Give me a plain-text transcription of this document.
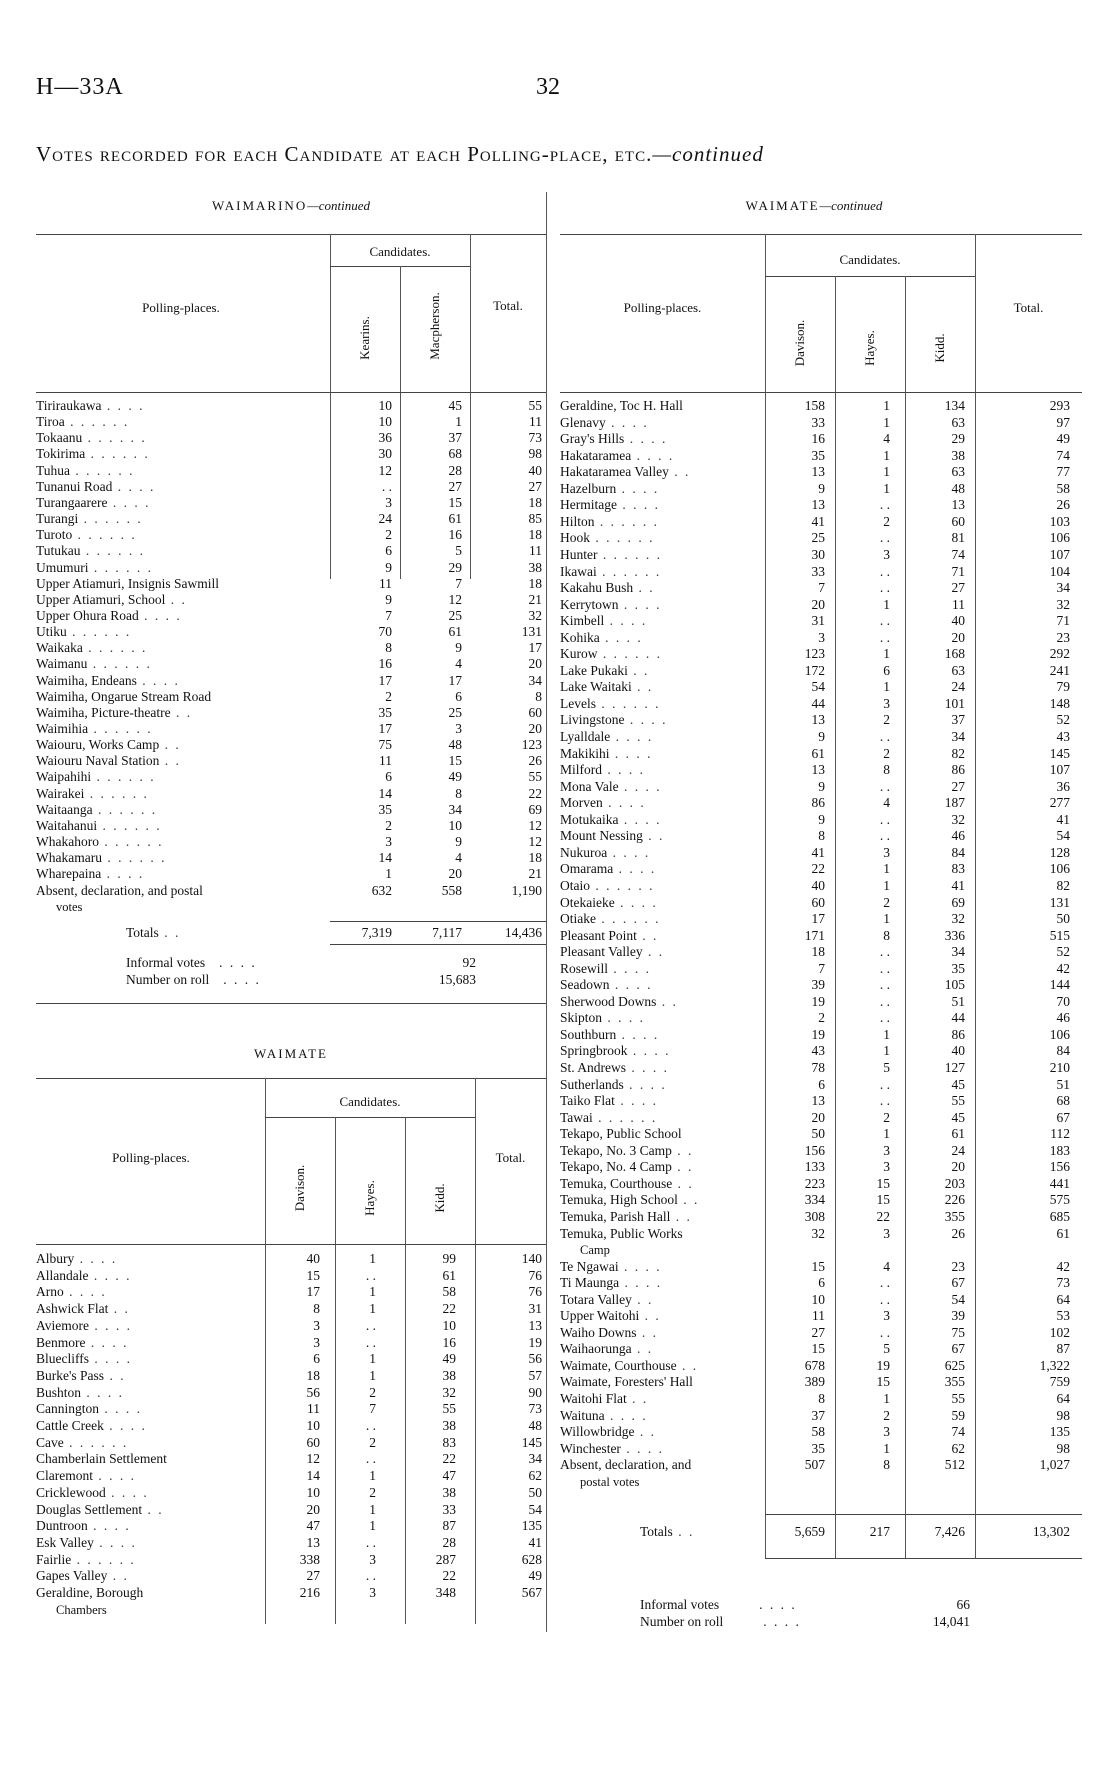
H—33A	32
Votes recorded for each Candidate at each Polling-place, etc.—continued
WAIMARINO—continued
Polling-places.
Candidates.
Kearins.	Macpherson.	Total.
Tiriraukawa . . . .	10	45	55
Tiroa . . . . . .	10	1	11
Tokaanu . . . . . .	36	37	73
Tokirima . . . . . .	30	68	98
Tuhua . . . . . .	12	28	40
Tunanui Road . . . .	. .	27	27
Turangaarere . . . .	3	15	18
Turangi . . . . . .	24	61	85
Turoto . . . . . .	2	16	18
Tutukau . . . . . .	6	5	11
Umumuri . . . . . .	9	29	38
Upper Atiamuri, Insignis Sawmill	11	7	18
Upper Atiamuri, School . .	9	12	21
Upper Ohura Road . . . .	7	25	32
Utiku . . . . . .	70	61	131
Waikaka . . . . . .	8	9	17
Waimanu . . . . . .	16	4	20
Waimiha, Endeans . . . .	17	17	34
Waimiha, Ongarue Stream Road	2	6	8
Waimiha, Picture-theatre . .	35	25	60
Waimihia . . . . . .	17	3	20
Waiouru, Works Camp . .	75	48	123
Waiouru Naval Station . .	11	15	26
Waipahihi . . . . . .	6	49	55
Wairakei . . . . . .	14	8	22
Waitaanga . . . . . .	35	34	69
Waitahanui . . . . . .	2	10	12
Whakahoro . . . . . .	3	9	12
Whakamaru . . . . . .	14	4	18
Wharepaina . . . .	1	20	21
Absent, declaration, and postal	632	558	1,190
votes
Totals . .	7,319	7,117	14,436
Informal votes . . . .	92
Number on roll . . . .	15,683
WAIMATE
Polling-places.
Candidates.
Davison.	Hayes.	Kidd.
Total.
Albury . . . .	40	1	99	140
Allandale . . . .	15	. .	61	76
Arno . . . .	17	1	58	76
Ashwick Flat . .	8	1	22	31
Aviemore . . . .	3	. .	10	13
Benmore . . . .	3	. .	16	19
Bluecliffs . . . .	6	1	49	56
Burke's Pass . .	18	1	38	57
Bushton . . . .	56	2	32	90
Cannington . . . .	11	7	55	73
Cattle Creek . . . .	10	. .	38	48
Cave . . . . . .	60	2	83	145
Chamberlain Settlement	12	. .	22	34
Claremont . . . .	14	1	47	62
Cricklewood . . . .	10	2	38	50
Douglas Settlement . .	20	1	33	54
Duntroon . . . .	47	1	87	135
Esk Valley . . . .	13	. .	28	41
Fairlie . . . . . .	338	3	287	628
Gapes Valley . .	27	. .	22	49
Geraldine, Borough	216	3	348	567
Chambers
WAIMATE—continued
Polling-places.
Candidates.
Davison.	Hayes.	Kidd.
Total.
Geraldine, Toc H. Hall	158	1	134	293
Glenavy . . . .	33	1	63	97
Gray's Hills . . . .	16	4	29	49
Hakataramea . . . .	35	1	38	74
Hakataramea Valley . .	13	1	63	77
Hazelburn . . . .	9	1	48	58
Hermitage . . . .	13	. .	13	26
Hilton . . . . . .	41	2	60	103
Hook . . . . . .	25	. .	81	106
Hunter . . . . . .	30	3	74	107
Ikawai . . . . . .	33	. .	71	104
Kakahu Bush . .	7	. .	27	34
Kerrytown . . . .	20	1	11	32
Kimbell . . . .	31	. .	40	71
Kohika . . . .	3	. .	20	23
Kurow . . . . . .	123	1	168	292
Lake Pukaki . .	172	6	63	241
Lake Waitaki . .	54	1	24	79
Levels . . . . . .	44	3	101	148
Livingstone . . . .	13	2	37	52
Lyalldale . . . .	9	. .	34	43
Makikihi . . . .	61	2	82	145
Milford . . . .	13	8	86	107
Mona Vale . . . .	9	. .	27	36
Morven . . . .	86	4	187	277
Motukaika . . . .	9	. .	32	41
Mount Nessing . .	8	. .	46	54
Nukuroa . . . .	41	3	84	128
Omarama . . . .	22	1	83	106
Otaio . . . . . .	40	1	41	82
Otekaieke . . . .	60	2	69	131
Otiake . . . . . .	17	1	32	50
Pleasant Point . .	171	8	336	515
Pleasant Valley . .	18	. .	34	52
Rosewill . . . .	7	. .	35	42
Seadown . . . .	39	. .	105	144
Sherwood Downs . .	19	. .	51	70
Skipton . . . .	2	. .	44	46
Southburn . . . .	19	1	86	106
Springbrook . . . .	43	1	40	84
St. Andrews . . . .	78	5	127	210
Sutherlands . . . .	6	. .	45	51
Taiko Flat . . . .	13	. .	55	68
Tawai . . . . . .	20	2	45	67
Tekapo, Public School	50	1	61	112
Tekapo, No. 3 Camp . .	156	3	24	183
Tekapo, No. 4 Camp . .	133	3	20	156
Temuka, Courthouse . .	223	15	203	441
Temuka, High School . .	334	15	226	575
Temuka, Parish Hall . .	308	22	355	685
Temuka, Public Works	32	3	26	61
Camp
Te Ngawai . . . .	15	4	23	42
Ti Maunga . . . .	6	. .	67	73
Totara Valley . .	10	. .	54	64
Upper Waitohi . .	11	3	39	53
Waiho Downs . .	27	. .	75	102
Waihaorunga . .	15	5	67	87
Waimate, Courthouse . .	678	19	625	1,322
Waimate, Foresters' Hall	389	15	355	759
Waitohi Flat . .	8	1	55	64
Waituna . . . .	37	2	59	98
Willowbridge . .	58	3	74	135
Winchester . . . .	35	1	62	98
Absent, declaration, and	507	8	512	1,027
postal votes
Totals . .	5,659	217	7,426	13,302
Informal votes	. . . .	66
Number on roll	. . . .	14,041
